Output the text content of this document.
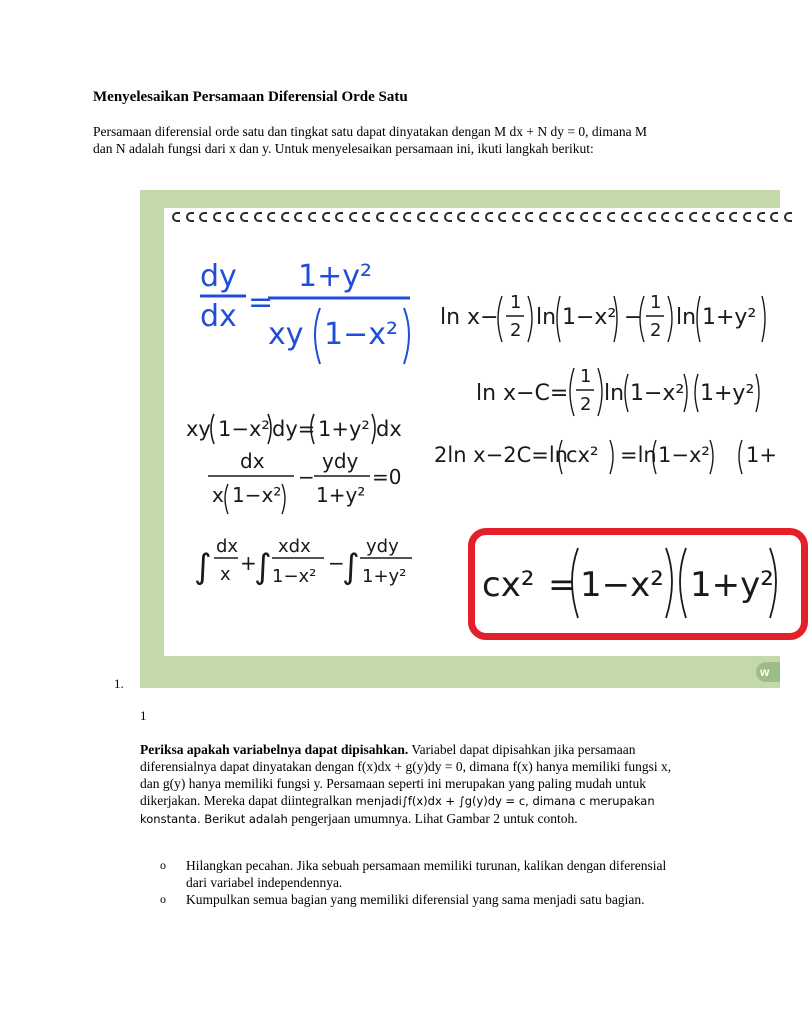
Menyelesaikan Persamaan Diferensial Orde Satu
Persamaan diferensial orde satu dan tingkat satu dapat dinyatakan dengan M dx + N dy = 0, dimana M dan N adalah fungsi dari x dan y. Untuk menyelesaikan persamaan ini, ikuti langkah berikut:
dy
dx =
1+y²
xy 1−x²
xy 1−x² dy= 1+y² dx
dx
x 1−x²
−
ydy
1+y²
=0
∫
dx
x +
∫
xdx
1−x²
−
∫
ydy
1+y²
ln x−
1
2
ln 1−x² −
1
2
ln 1+y²
ln x−C=
1
2 ln 1−x² 1+y²
2ln x−2C=ln
cx² =ln 1−x² 1+
cx² = 1−x² 1+y²
w
1.
1
Periksa apakah variabelnya dapat dipisahkan. Variabel dapat dipisahkan jika persamaan diferensialnya dapat dinyatakan dengan f(x)dx + g(y)dy = 0, dimana f(x) hanya memiliki fungsi x, dan g(y) hanya memiliki fungsi y. Persamaan seperti ini merupakan yang paling mudah untuk dikerjakan. Mereka dapat diintegralkan menjadi∫f(x)dx + ∫g(y)dy = c, dimana c merupakan konstanta. Berikut adalah pengerjaan umumnya. Lihat Gambar 2 untuk contoh.
o Hilangkan pecahan. Jika sebuah persamaan memiliki turunan, kalikan dengan diferensial dari variabel independennya.
o Kumpulkan semua bagian yang memiliki diferensial yang sama menjadi satu bagian.
